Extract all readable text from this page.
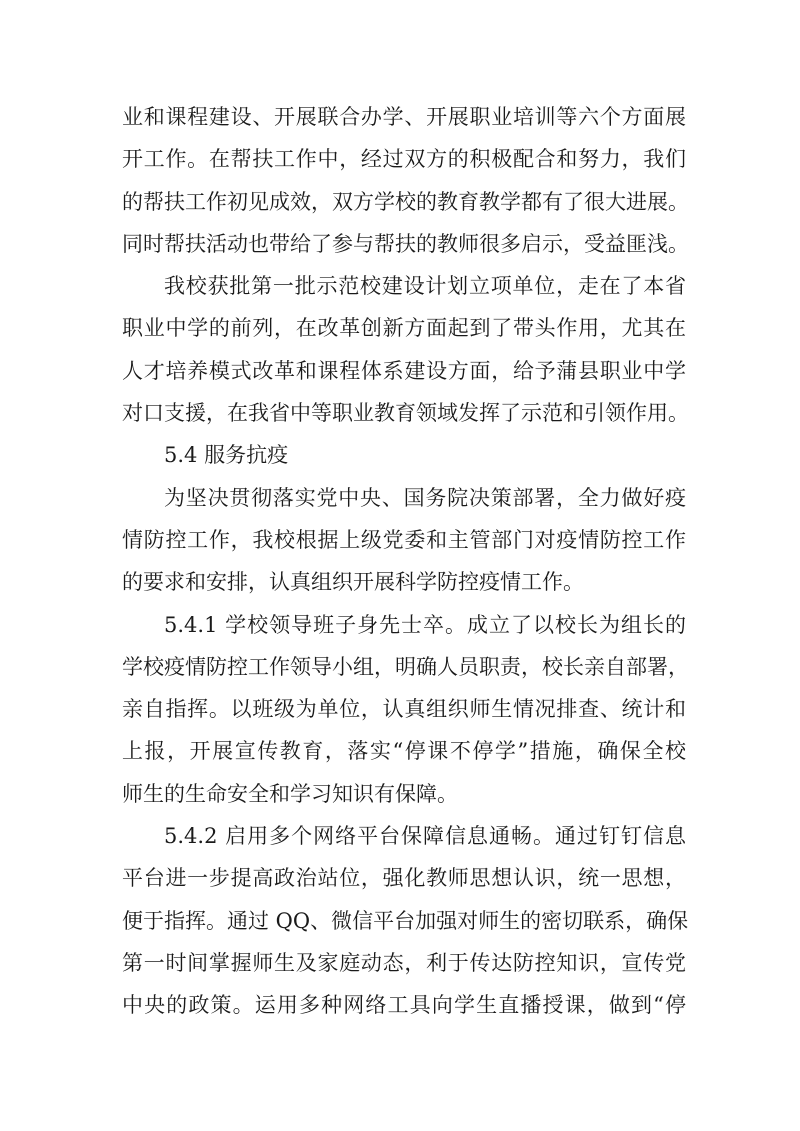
业和课程建设、开展联合办学、开展职业培训等六个方面展
开工作。在帮扶工作中，经过双方的积极配合和努力，我们
的帮扶工作初见成效，双方学校的教育教学都有了很大进展。
同时帮扶活动也带给了参与帮扶的教师很多启示，受益匪浅。
我校获批第一批示范校建设计划立项单位，走在了本省
职业中学的前列，在改革创新方面起到了带头作用，尤其在
人才培养模式改革和课程体系建设方面，给予蒲县职业中学
对口支援，在我省中等职业教育领域发挥了示范和引领作用。
5.4 服务抗疫
为坚决贯彻落实党中央、国务院决策部署，全力做好疫
情防控工作，我校根据上级党委和主管部门对疫情防控工作
的要求和安排，认真组织开展科学防控疫情工作。
5.4.1 学校领导班子身先士卒。成立了以校长为组长的
学校疫情防控工作领导小组，明确人员职责，校长亲自部署，
亲自指挥。以班级为单位，认真组织师生情况排查、统计和
上报，开展宣传教育，落实“停课不停学”措施，确保全校
师生的生命安全和学习知识有保障。
5.4.2 启用多个网络平台保障信息通畅。通过钉钉信息
平台进一步提高政治站位，强化教师思想认识，统一思想，
便于指挥。通过 QQ、微信平台加强对师生的密切联系，确保
第一时间掌握师生及家庭动态，利于传达防控知识，宣传党
中央的政策。运用多种网络工具向学生直播授课，做到“停
